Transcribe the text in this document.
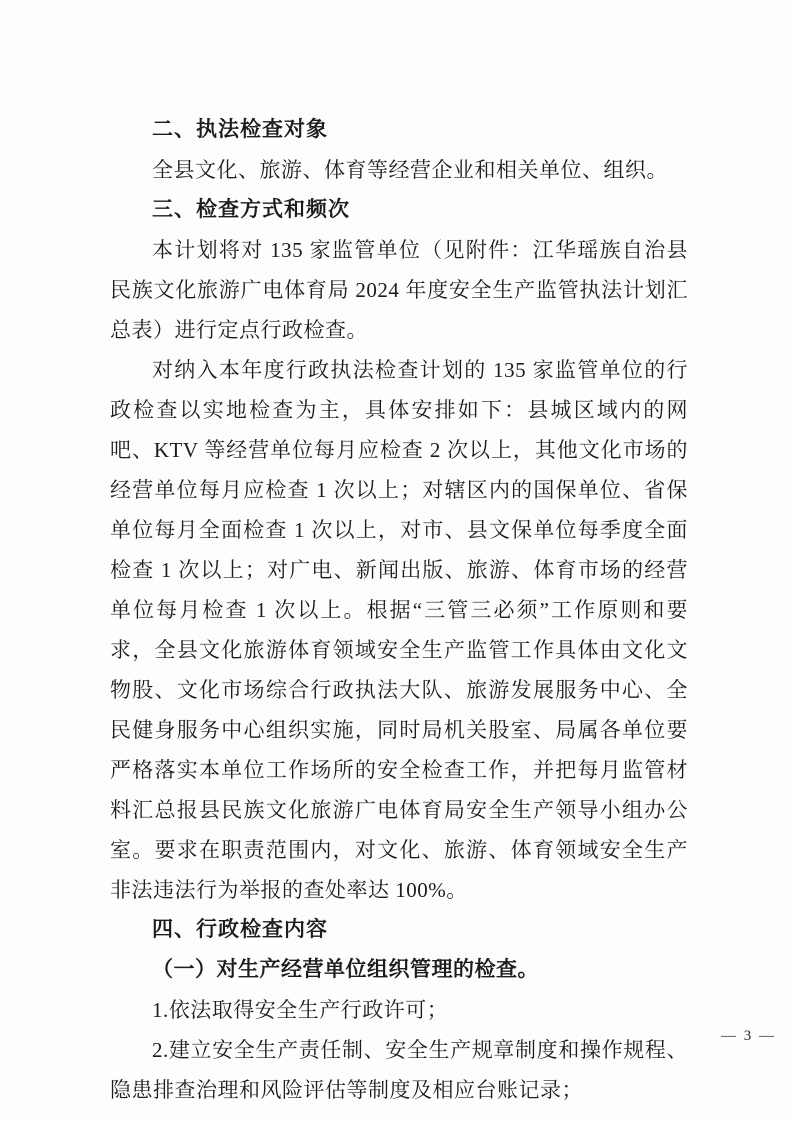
二、执法检查对象

全县文化、旅游、体育等经营企业和相关单位、组织。

三、检查方式和频次

本计划将对 135 家监管单位（见附件：江华瑶族自治县民族文化旅游广电体育局 2024 年度安全生产监管执法计划汇总表）进行定点行政检查。

对纳入本年度行政执法检查计划的 135 家监管单位的行政检查以实地检查为主，具体安排如下：县城区域内的网吧、KTV 等经营单位每月应检查 2 次以上，其他文化市场的经营单位每月应检查 1 次以上；对辖区内的国保单位、省保单位每月全面检查 1 次以上，对市、县文保单位每季度全面检查 1 次以上；对广电、新闻出版、旅游、体育市场的经营单位每月检查 1 次以上。根据“三管三必须”工作原则和要求，全县文化旅游体育领域安全生产监管工作具体由文化文物股、文化市场综合行政执法大队、旅游发展服务中心、全民健身服务中心组织实施，同时局机关股室、局属各单位要严格落实本单位工作场所的安全检查工作，并把每月监管材料汇总报县民族文化旅游广电体育局安全生产领导小组办公室。要求在职责范围内，对文化、旅游、体育领域安全生产非法违法行为举报的查处率达 100%。

四、行政检查内容

（一）对生产经营单位组织管理的检查。

1.依法取得安全生产行政许可；

2.建立安全生产责任制、安全生产规章制度和操作规程、隐患排查治理和风险评估等制度及相应台账记录；

— 3 —
